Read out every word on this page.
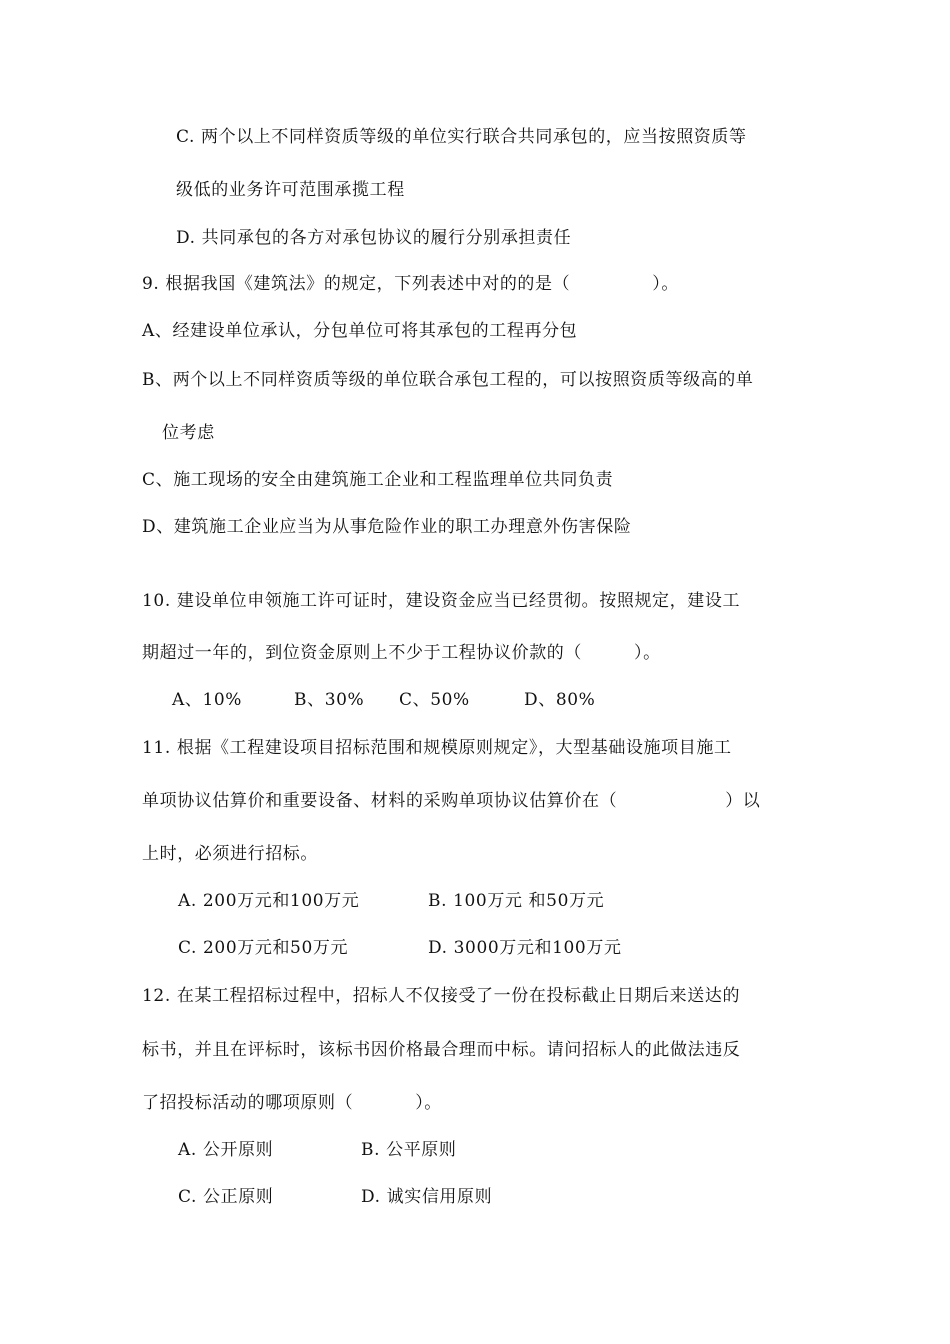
C. 两个以上不同样资质等级的单位实行联合共同承包的，应当按照资质等
级低的业务许可范围承揽工程
D. 共同承包的各方对承包协议的履行分别承担责任
9. 根据我国《建筑法》的规定，下列表述中对的的是（	）。
A、经建设单位承认，分包单位可将其承包的工程再分包
B、两个以上不同样资质等级的单位联合承包工程的，可以按照资质等级高的单
位考虑
C、施工现场的安全由建筑施工企业和工程监理单位共同负责
D、建筑施工企业应当为从事危险作业的职工办理意外伤害保险
10. 建设单位申领施工许可证时，建设资金应当已经贯彻。按照规定，建设工
期超过一年的，到位资金原则上不少于工程协议价款的（	）。
A、10%	B、30% C、50%	D、80%
11. 根据《工程建设项目招标范围和规模原则规定》，大型基础设施项目施工
单项协议估算价和重要设备、材料的采购单项协议估算价在（	）以
上时，必须进行招标。
A. 200万元和100万元	B. 100万元 和50万元
C. 200万元和50万元	D. 3000万元和100万元
12. 在某工程招标过程中，招标人不仅接受了一份在投标截止日期后来送达的
标书，并且在评标时，该标书因价格最合理而中标。请问招标人的此做法违反
了招投标活动的哪项原则（	）。
A. 公开原则	B. 公平原则
C. 公正原则	D. 诚实信用原则
